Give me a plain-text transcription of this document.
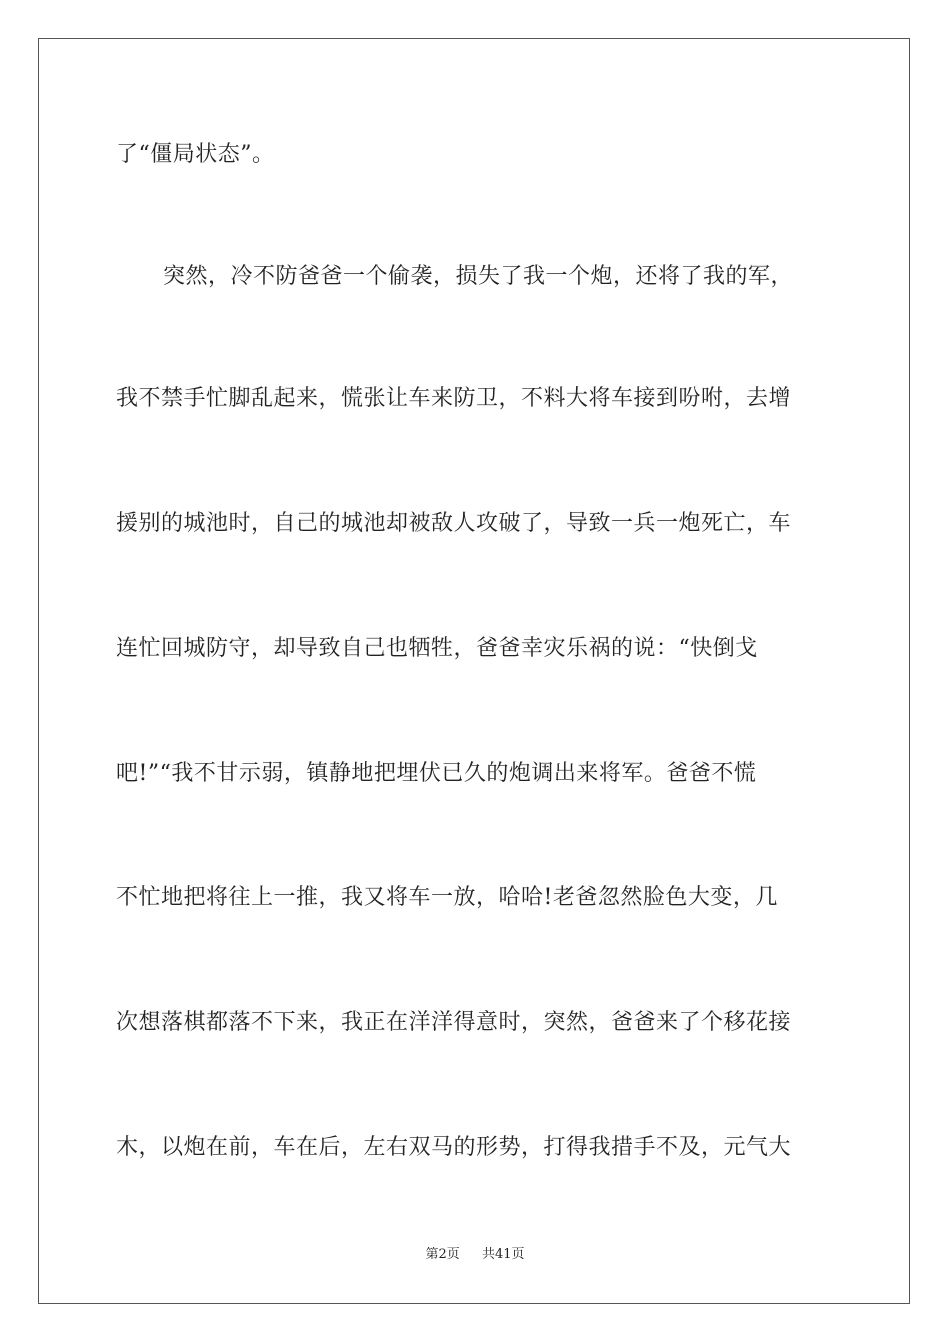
了“僵局状态”。
突然，冷不防爸爸一个偷袭，损失了我一个炮，还将了我的军，
我不禁手忙脚乱起来，慌张让车来防卫，不料大将车接到吩咐，去增
援别的城池时，自己的城池却被敌人攻破了，导致一兵一炮死亡，车
连忙回城防守，却导致自己也牺牲，爸爸幸灾乐祸的说：“快倒戈
吧!”“我不甘示弱，镇静地把埋伏已久的炮调出来将军。爸爸不慌
不忙地把将往上一推，我又将车一放，哈哈!老爸忽然脸色大变，几
次想落棋都落不下来，我正在洋洋得意时，突然，爸爸来了个移花接
木，以炮在前，车在后，左右双马的形势，打得我措手不及，元气大
第2页 共41页
